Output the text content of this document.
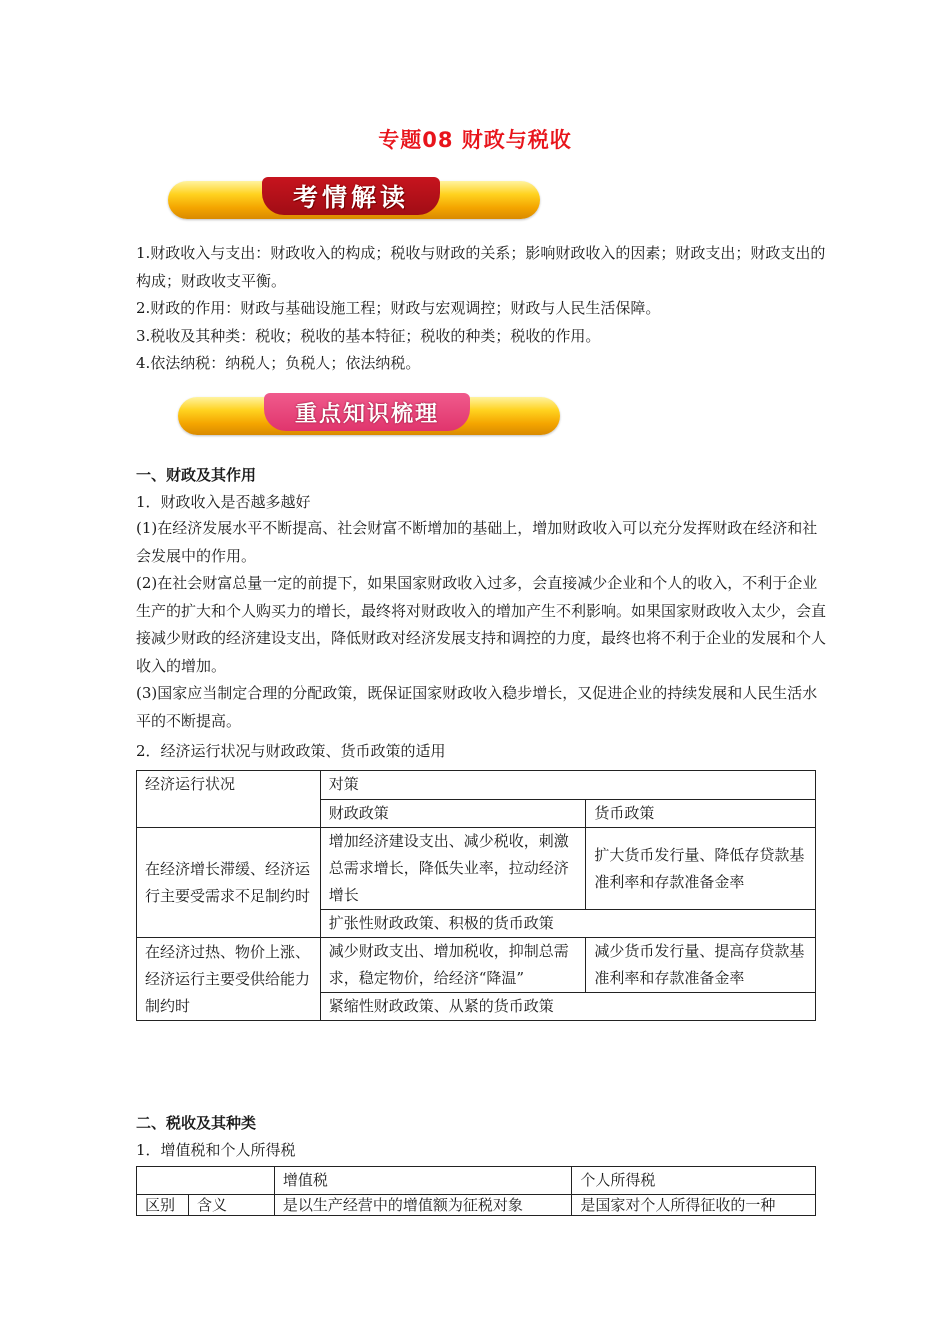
专题08 财政与税收
考情解读
1.财政收入与支出：财政收入的构成；税收与财政的关系；影响财政收入的因素；财政支出；财政支出的构成；财政收支平衡。
2.财政的作用：财政与基础设施工程；财政与宏观调控；财政与人民生活保障。
3.税收及其种类：税收；税收的基本特征；税收的种类；税收的作用。
4.依法纳税：纳税人；负税人；依法纳税。
重点知识梳理
一、财政及其作用
1．财政收入是否越多越好
(1)在经济发展水平不断提高、社会财富不断增加的基础上，增加财政收入可以充分发挥财政在经济和社会发展中的作用。
(2)在社会财富总量一定的前提下，如果国家财政收入过多，会直接减少企业和个人的收入，不利于企业生产的扩大和个人购买力的增长，最终将对财政收入的增加产生不利影响。如果国家财政收入太少，会直接减少财政的经济建设支出，降低财政对经济发展支持和调控的力度，最终也将不利于企业的发展和个人收入的增加。
(3)国家应当制定合理的分配政策，既保证国家财政收入稳步增长，又促进企业的持续发展和人民生活水平的不断提高。
2．经济运行状况与财政政策、货币政策的适用
经济运行状况	对策	
	财政政策	货币政策
在经济增长滞缓、经济运行主要受需求不足制约时	增加经济建设支出、减少税收，刺激总需求增长，降低失业率，拉动经济增长	扩大货币发行量、降低存贷款基准利率和存款准备金率
	扩张性财政政策、积极的货币政策	
在经济过热、物价上涨、经济运行主要受供给能力制约时	减少财政支出、增加税收，抑制总需求，稳定物价，给经济“降温”	减少货币发行量、提高存贷款基准利率和存款准备金率
	紧缩性财政政策、从紧的货币政策	
二、税收及其种类
1．增值税和个人所得税
		增值税	个人所得税
区别	含义	是以生产经营中的增值额为征税对象	是国家对个人所得征收的一种
